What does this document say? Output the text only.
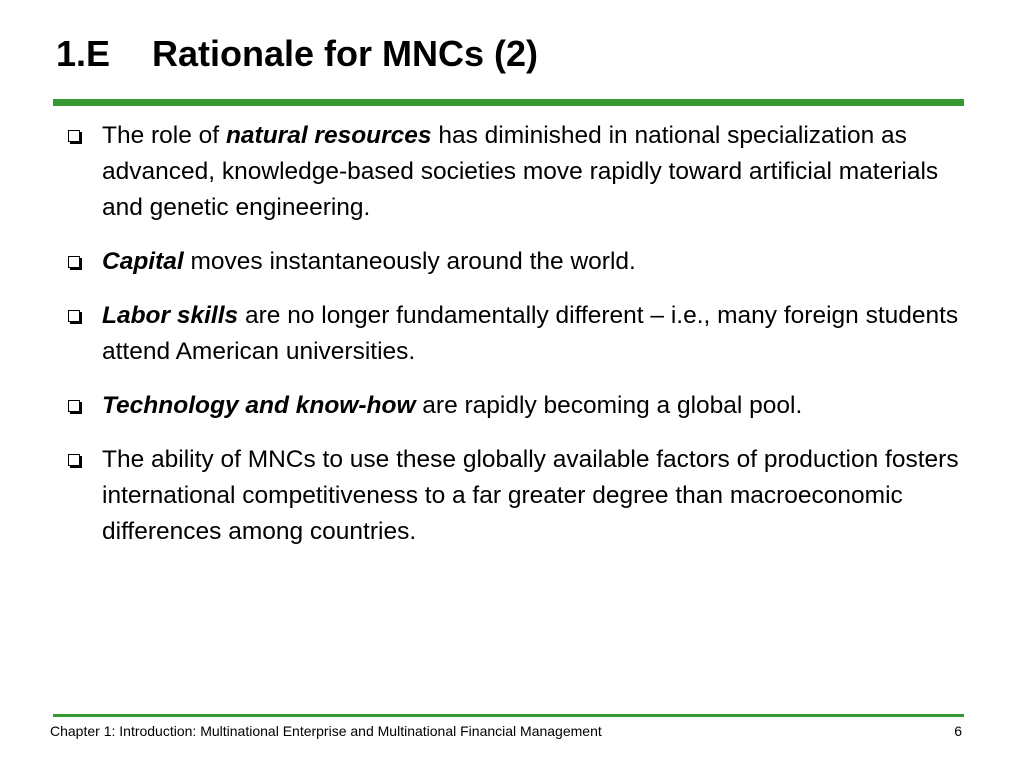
1.E Rationale for MNCs (2)
The role of natural resources has diminished in national specialization as advanced, knowledge-based societies move rapidly toward artificial materials and genetic engineering.
Capital moves instantaneously around the world.
Labor skills are no longer fundamentally different – i.e., many foreign students attend American universities.
Technology and know-how are rapidly becoming a global pool.
The ability of MNCs to use these globally available factors of production fosters international competitiveness to a far greater degree than macroeconomic differences among countries.
Chapter 1: Introduction: Multinational Enterprise and Multinational Financial Management	6
